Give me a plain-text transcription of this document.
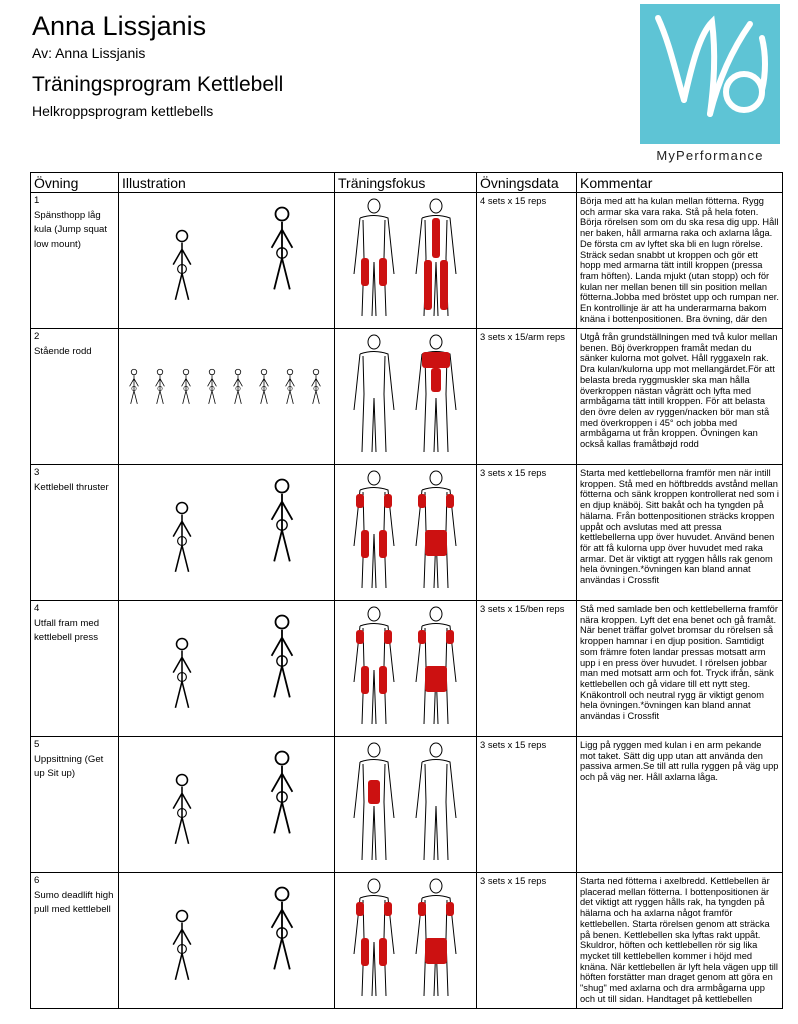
Anna Lissjanis
Av: Anna Lissjanis
Träningsprogram Kettlebell
Helkroppsprogram kettlebells
MyPerformance
Övning	Illustration	Träningsfokus	Övningsdata	Kommentar

1
Spänsthopp låg kula (Jump squat low mount)			4 sets x 15 reps	Börja med att ha kulan mellan fötterna. Rygg och armar ska vara raka. Stå på hela foten. Börja rörelsen som om du ska resa dig upp. Håll ner baken, håll armarna raka och axlarna låga. De första cm av lyftet ska bli en lugn rörelse. Sträck sedan snabbt ut kroppen och gör ett hopp med armarna tätt intill kroppen (pressa fram höften). Landa mjukt (utan stopp) och för kulan ner mellan benen till sin position mellan fötterna.Jobba med bröstet upp och rumpan ner. En kontrollinje är att ha underarmarna bakom knäna i bottenpositionen. Bra övning, där den

2
Stående rodd			3 sets x 15/arm reps	Utgå från grundställningen med två kulor mellan benen. Böj överkroppen framåt medan du sänker kulorna mot golvet. Håll ryggaxeln rak. Dra kulan/kulorna upp mot mellangärdet.För att belasta breda ryggmuskler ska man hålla överkroppen nästan vågrätt och lyfta med armbågarna tätt intill kroppen. För att belasta den övre delen av ryggen/nacken bör man stå med överkroppen i 45° och jobba med armbågarna ut från kroppen. Övningen kan också kallas framåtbøjd rodd

3
Kettlebell thruster			3 sets x 15 reps	Starta med kettlebellorna framför men när intill kroppen. Stå med en höftbredds avstånd mellan fötterna och sänk kroppen kontrollerat ned som i en djup knäböj. Sitt bakåt och ha tyngden på hälarna. Från bottenpositionen sträcks kroppen uppåt och avslutas med att pressa kettlebellerna upp över huvudet. Använd benen för att få kulorna upp över huvudet med raka armar. Det är viktigt att ryggen hålls rak genom hela övningen.*övningen kan bland annat användas i Crossfit

4
Utfall fram med kettlebell press			3 sets x 15/ben reps	Stå med samlade ben och kettlebellerna framför nära kroppen. Lyft det ena benet och gå framåt. När benet träffar golvet bromsar du rörelsen så kroppen hamnar i en djup position. Samtidigt som främre foten landar pressas motsatt arm upp i en press över huvudet. I rörelsen jobbar man med motsatt arm och fot. Tryck ifrån, sänk kettlebellen och gå vidare till ett nytt steg. Knäkontroll och neutral rygg är viktigt genom hela övningen.*övningen kan bland annat användas i Crossfit

5
Uppsittning (Get up Sit up)			3 sets x 15 reps	Ligg på ryggen med kulan i en arm pekande mot taket. Sätt dig upp utan att använda den passiva armen.Se till att rulla ryggen på väg upp och på väg ner. Håll axlarna låga.

6
Sumo deadlift high pull med kettlebell			3 sets x 15 reps	Starta ned fötterna i axelbredd. Kettlebellen är placerad mellan fötterna. I bottenpositionen är det viktigt att ryggen hålls rak, ha tyngden på hälarna och ha axlarna något framför kettlebellen. Starta rörelsen genom att sträcka på benen. Kettlebellen ska lyftas rakt uppåt. Skuldror, höften och kettlebellen rör sig lika mycket till kettlebellen kommer i höjd med knäna. När kettlebellen är lyft hela vägen upp till höften forstätter man draget genom att göra en "shug" med axlarna och dra armbågarna upp och ut till sidan. Handtaget på kettlebellen
